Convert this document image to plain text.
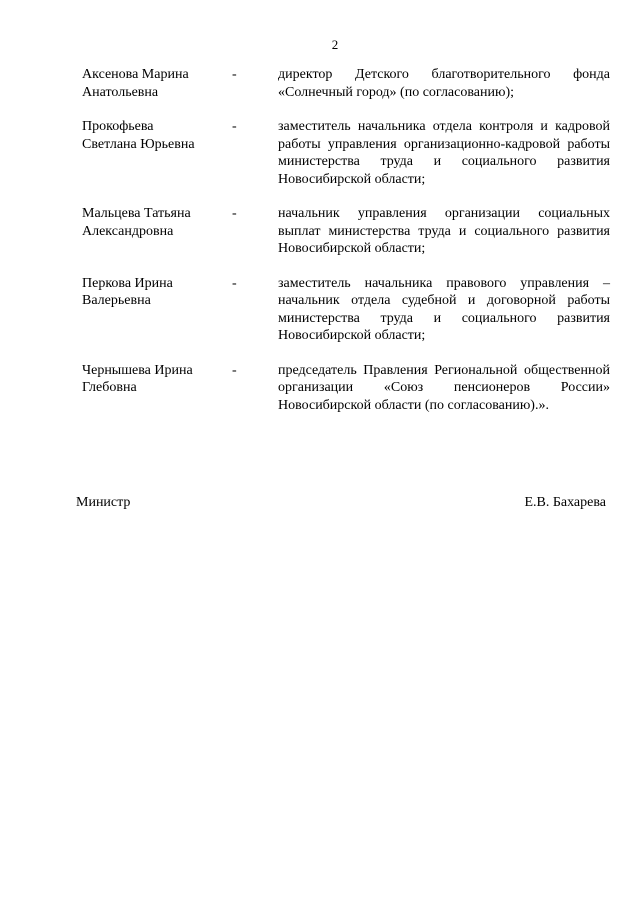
2
Аксенова Марина
Анатольевна
-	директор Детского благотворительного фонда «Солнечный город» (по согласованию);
Прокофьева
Светлана Юрьевна
-	заместитель начальника отдела контроля и кадровой работы управления организационно-кадровой работы министерства труда и социального развития Новосибирской области;
Мальцева Татьяна
Александровна
-	начальник управления организации социальных выплат министерства труда и социального развития Новосибирской области;
Перкова Ирина
Валерьевна
-	заместитель начальника правового управления – начальник отдела судебной и договорной работы министерства труда и социального развития Новосибирской области;
Чернышева Ирина
Глебовна
-	председатель Правления Региональной общественной организации «Союз пенсионеров России» Новосибирской области (по согласованию).».
Министр	Е.В. Бахарева
